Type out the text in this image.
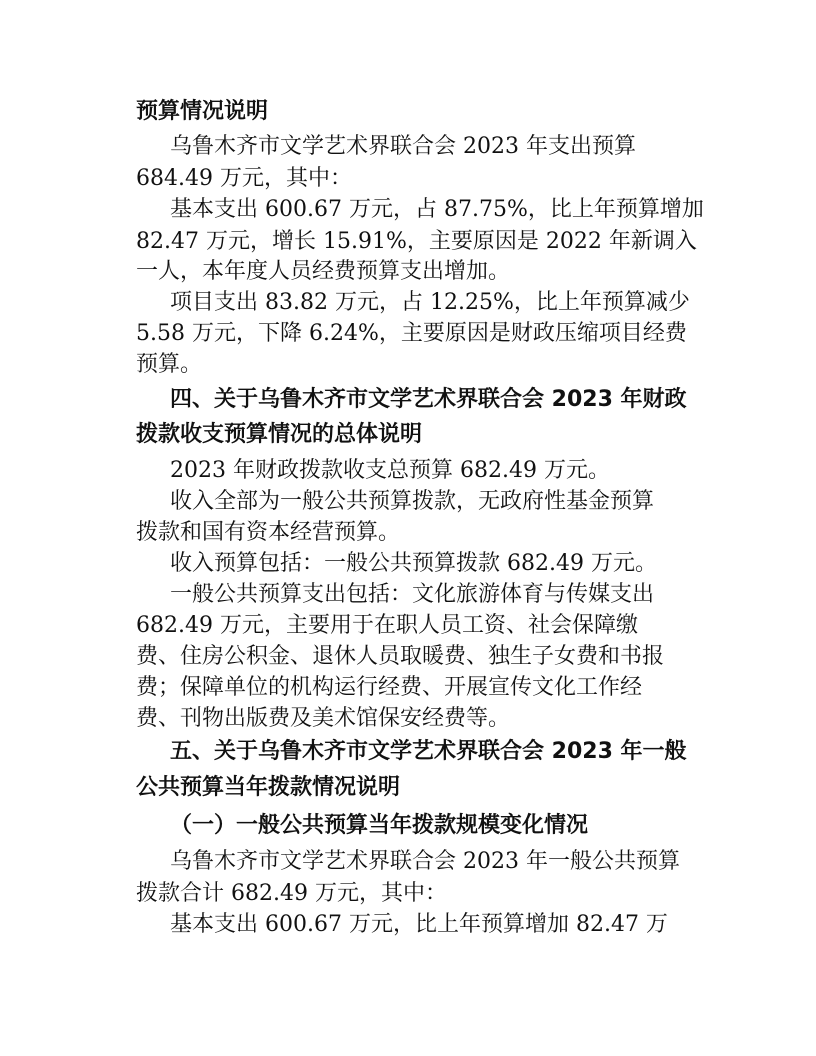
预算情况说明
乌鲁木齐市文学艺术界联合会 2023 年支出预算
684.49 万元，其中：
基本支出 600.67 万元，占 87.75%，比上年预算增加
82.47 万元，增长 15.91%，主要原因是 2022 年新调入
一人，本年度人员经费预算支出增加。
项目支出 83.82 万元，占 12.25%，比上年预算减少
5.58 万元，下降 6.24%，主要原因是财政压缩项目经费
预算。
四、关于乌鲁木齐市文学艺术界联合会 2023 年财政
拨款收支预算情况的总体说明
2023 年财政拨款收支总预算 682.49 万元。
收入全部为一般公共预算拨款，无政府性基金预算
拨款和国有资本经营预算。
收入预算包括：一般公共预算拨款 682.49 万元。
一般公共预算支出包括：文化旅游体育与传媒支出
682.49 万元，主要用于在职人员工资、社会保障缴
费、住房公积金、退休人员取暖费、独生子女费和书报
费；保障单位的机构运行经费、开展宣传文化工作经
费、刊物出版费及美术馆保安经费等。
五、关于乌鲁木齐市文学艺术界联合会 2023 年一般
公共预算当年拨款情况说明
（一）一般公共预算当年拨款规模变化情况
乌鲁木齐市文学艺术界联合会 2023 年一般公共预算
拨款合计 682.49 万元，其中：
基本支出 600.67 万元，比上年预算增加 82.47 万
